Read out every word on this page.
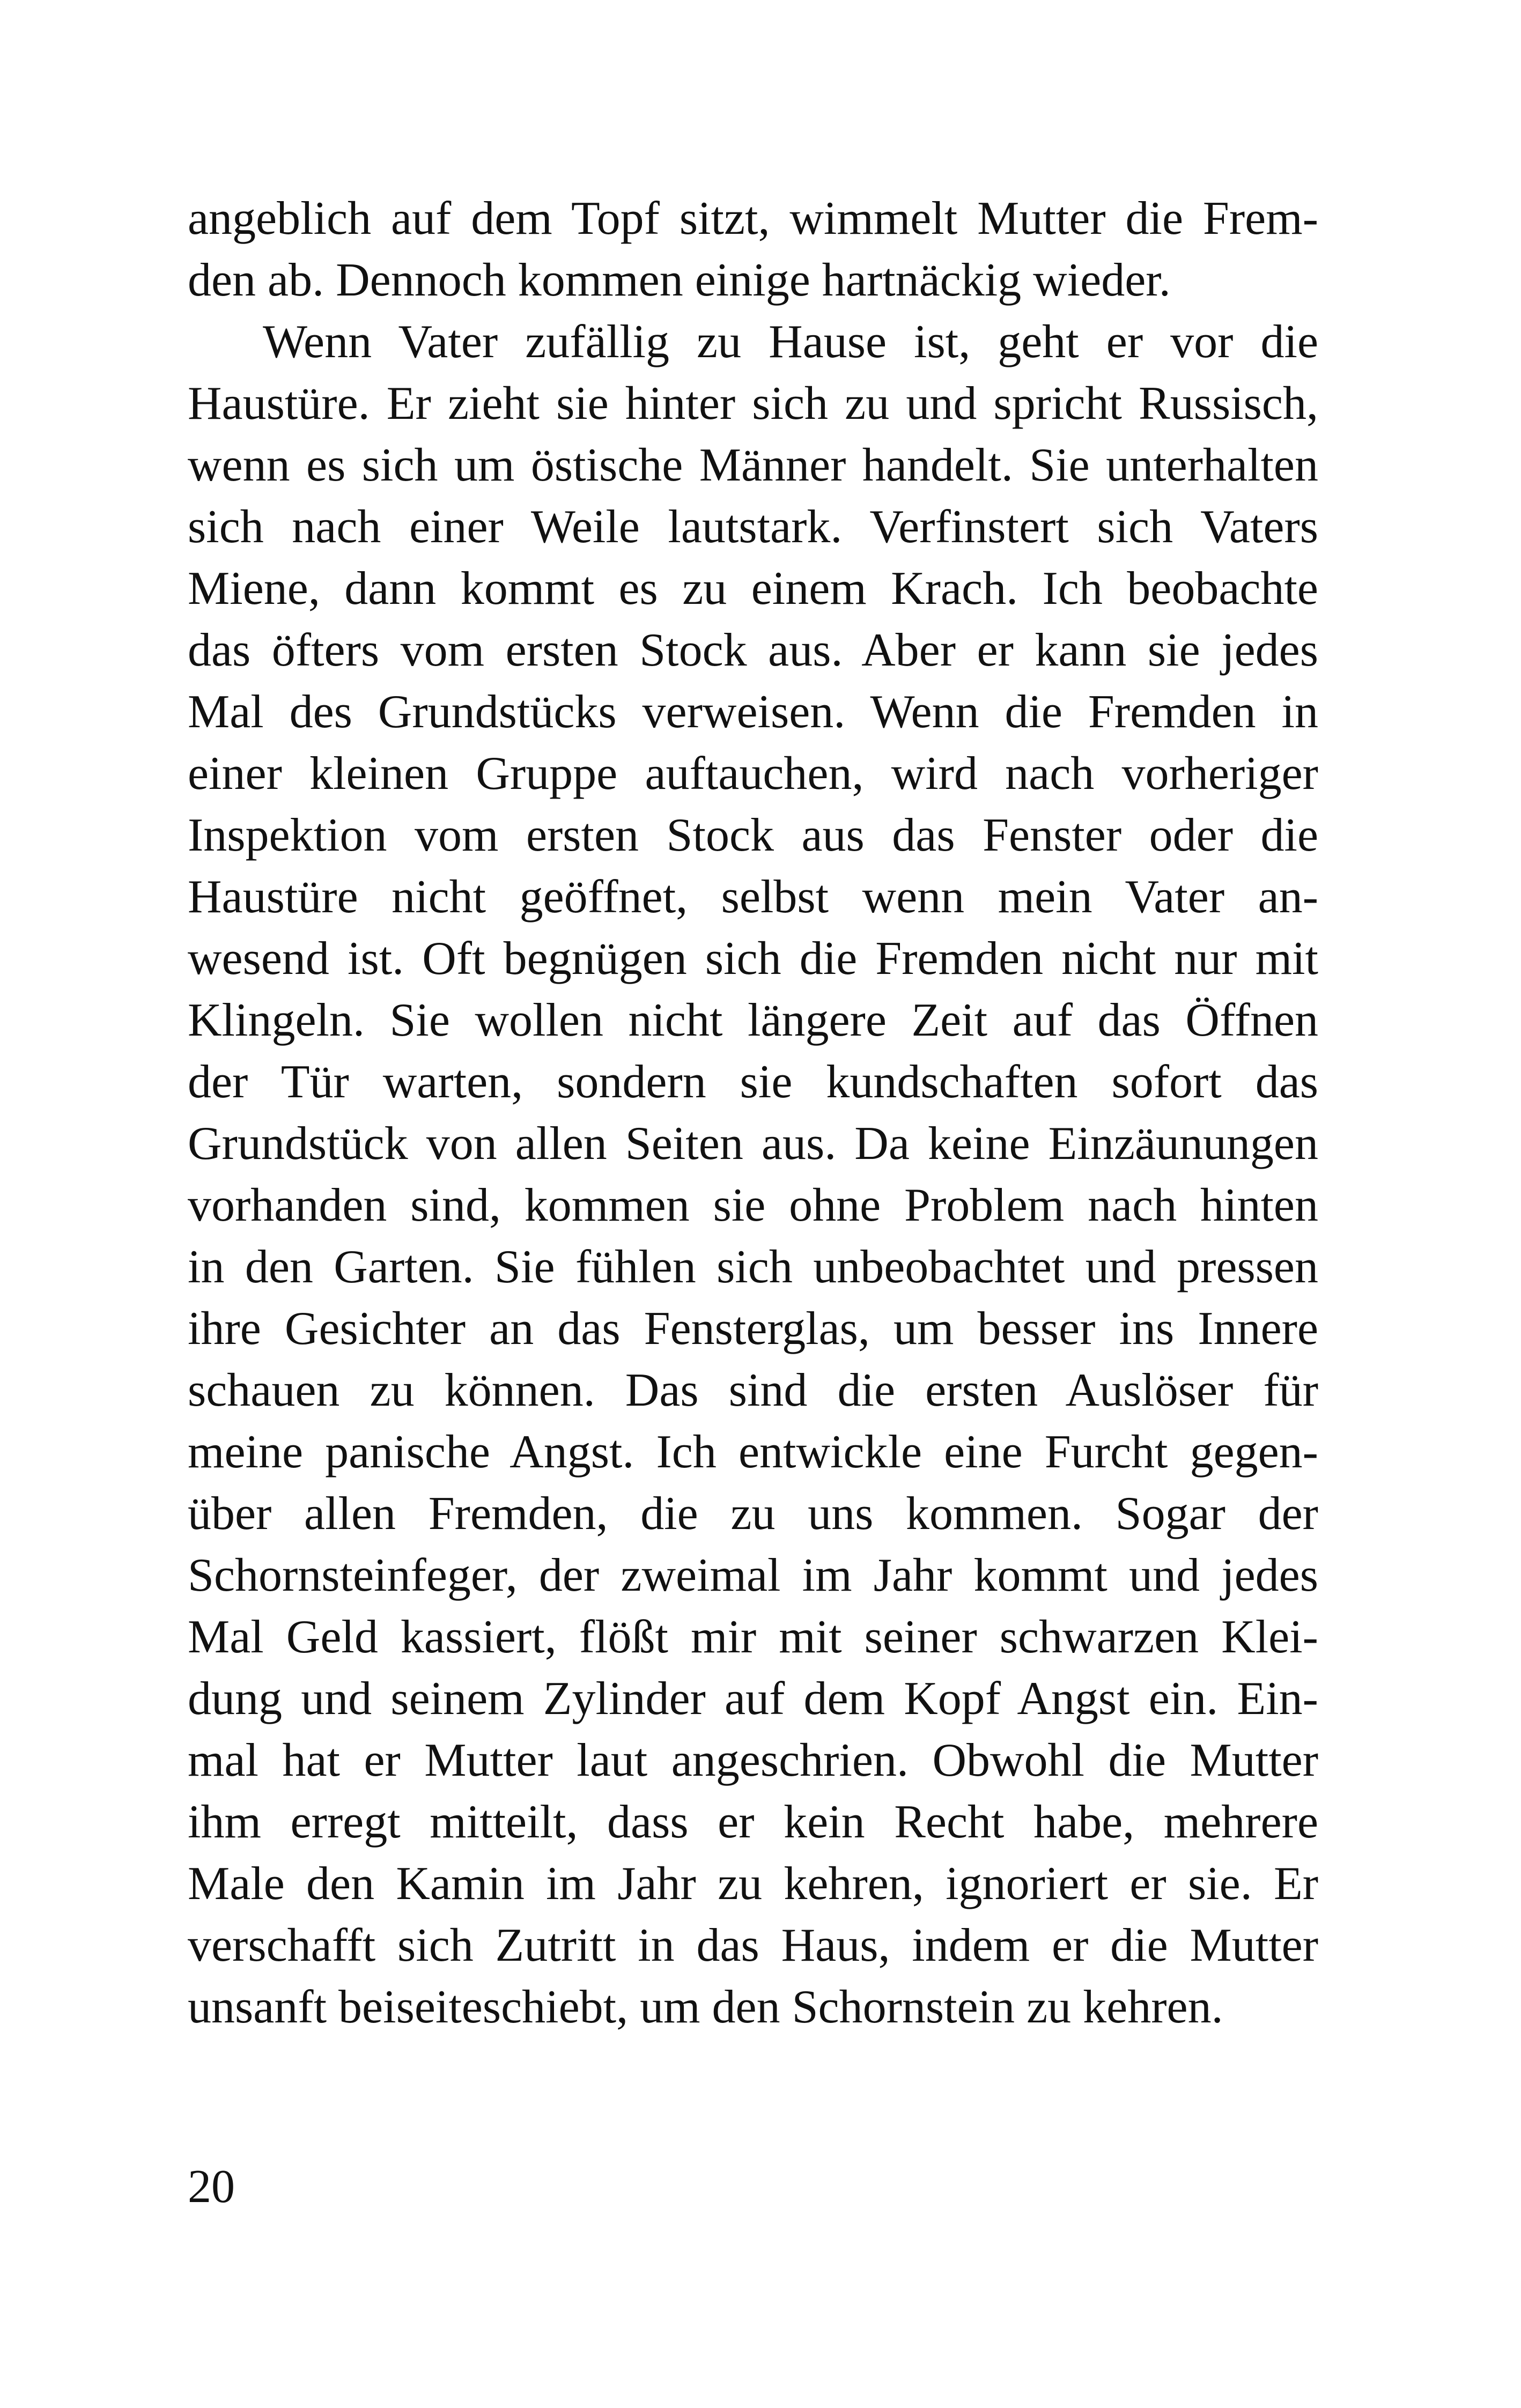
angeblich auf dem Topf sitzt, wimmelt Mutter die Frem-
den ab. Dennoch kommen einige hartnäckig wieder.
Wenn Vater zufällig zu Hause ist, geht er vor die
Haustüre. Er zieht sie hinter sich zu und spricht Russisch,
wenn es sich um östische Männer handelt. Sie unterhalten
sich nach einer Weile lautstark. Verfinstert sich Vaters
Miene, dann kommt es zu einem Krach. Ich beobachte
das öfters vom ersten Stock aus. Aber er kann sie jedes
Mal des Grundstücks verweisen. Wenn die Fremden in
einer kleinen Gruppe auftauchen, wird nach vorheriger
Inspektion vom ersten Stock aus das Fenster oder die
Haustüre nicht geöffnet, selbst wenn mein Vater an-
wesend ist. Oft begnügen sich die Fremden nicht nur mit
Klingeln. Sie wollen nicht längere Zeit auf das Öffnen
der Tür warten, sondern sie kundschaften sofort das
Grundstück von allen Seiten aus. Da keine Einzäunungen
vorhanden sind, kommen sie ohne Problem nach hinten
in den Garten. Sie fühlen sich unbeobachtet und pressen
ihre Gesichter an das Fensterglas, um besser ins Innere
schauen zu können. Das sind die ersten Auslöser für
meine panische Angst. Ich entwickle eine Furcht gegen-
über allen Fremden, die zu uns kommen. Sogar der
Schornsteinfeger, der zweimal im Jahr kommt und jedes
Mal Geld kassiert, flößt mir mit seiner schwarzen Klei-
dung und seinem Zylinder auf dem Kopf Angst ein. Ein-
mal hat er Mutter laut angeschrien. Obwohl die Mutter
ihm erregt mitteilt, dass er kein Recht habe, mehrere
Male den Kamin im Jahr zu kehren, ignoriert er sie. Er
verschafft sich Zutritt in das Haus, indem er die Mutter
unsanft beiseiteschiebt, um den Schornstein zu kehren.
20
